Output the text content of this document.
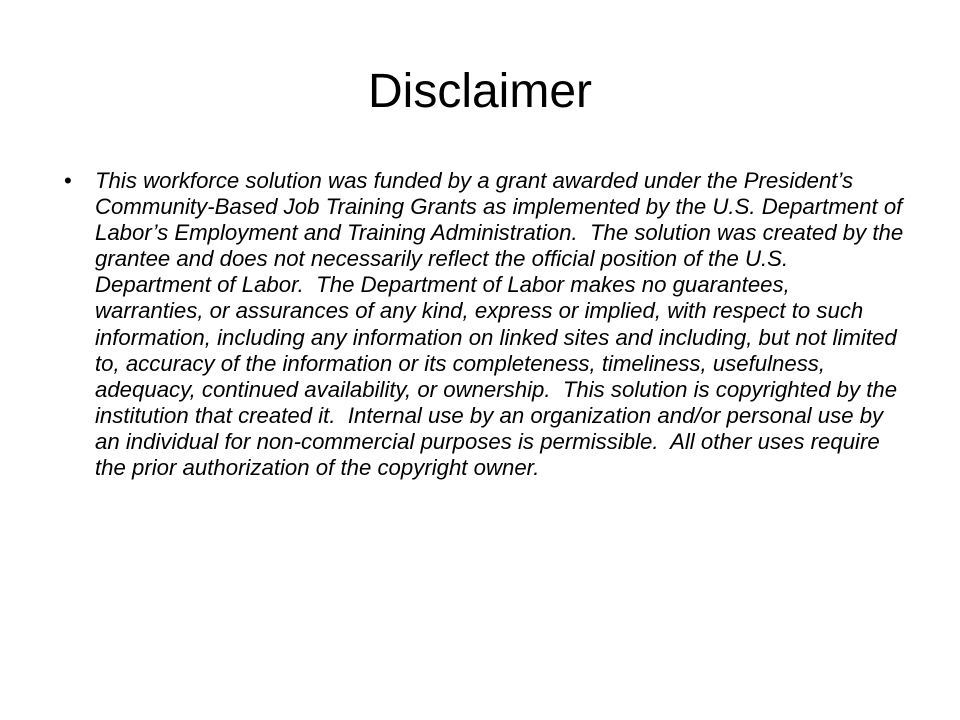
Disclaimer
• This workforce solution was funded by a grant awarded under the President’s Community-Based Job Training Grants as implemented by the U.S. Department of Labor’s Employment and Training Administration.  The solution was created by the grantee and does not necessarily reflect the official position of the U.S. Department of Labor.  The Department of Labor makes no guarantees, warranties, or assurances of any kind, express or implied, with respect to such information, including any information on linked sites and including, but not limited to, accuracy of the information or its completeness, timeliness, usefulness, adequacy, continued availability, or ownership.  This solution is copyrighted by the institution that created it.  Internal use by an organization and/or personal use by an individual for non-commercial purposes is permissible.  All other uses require the prior authorization of the copyright owner.
